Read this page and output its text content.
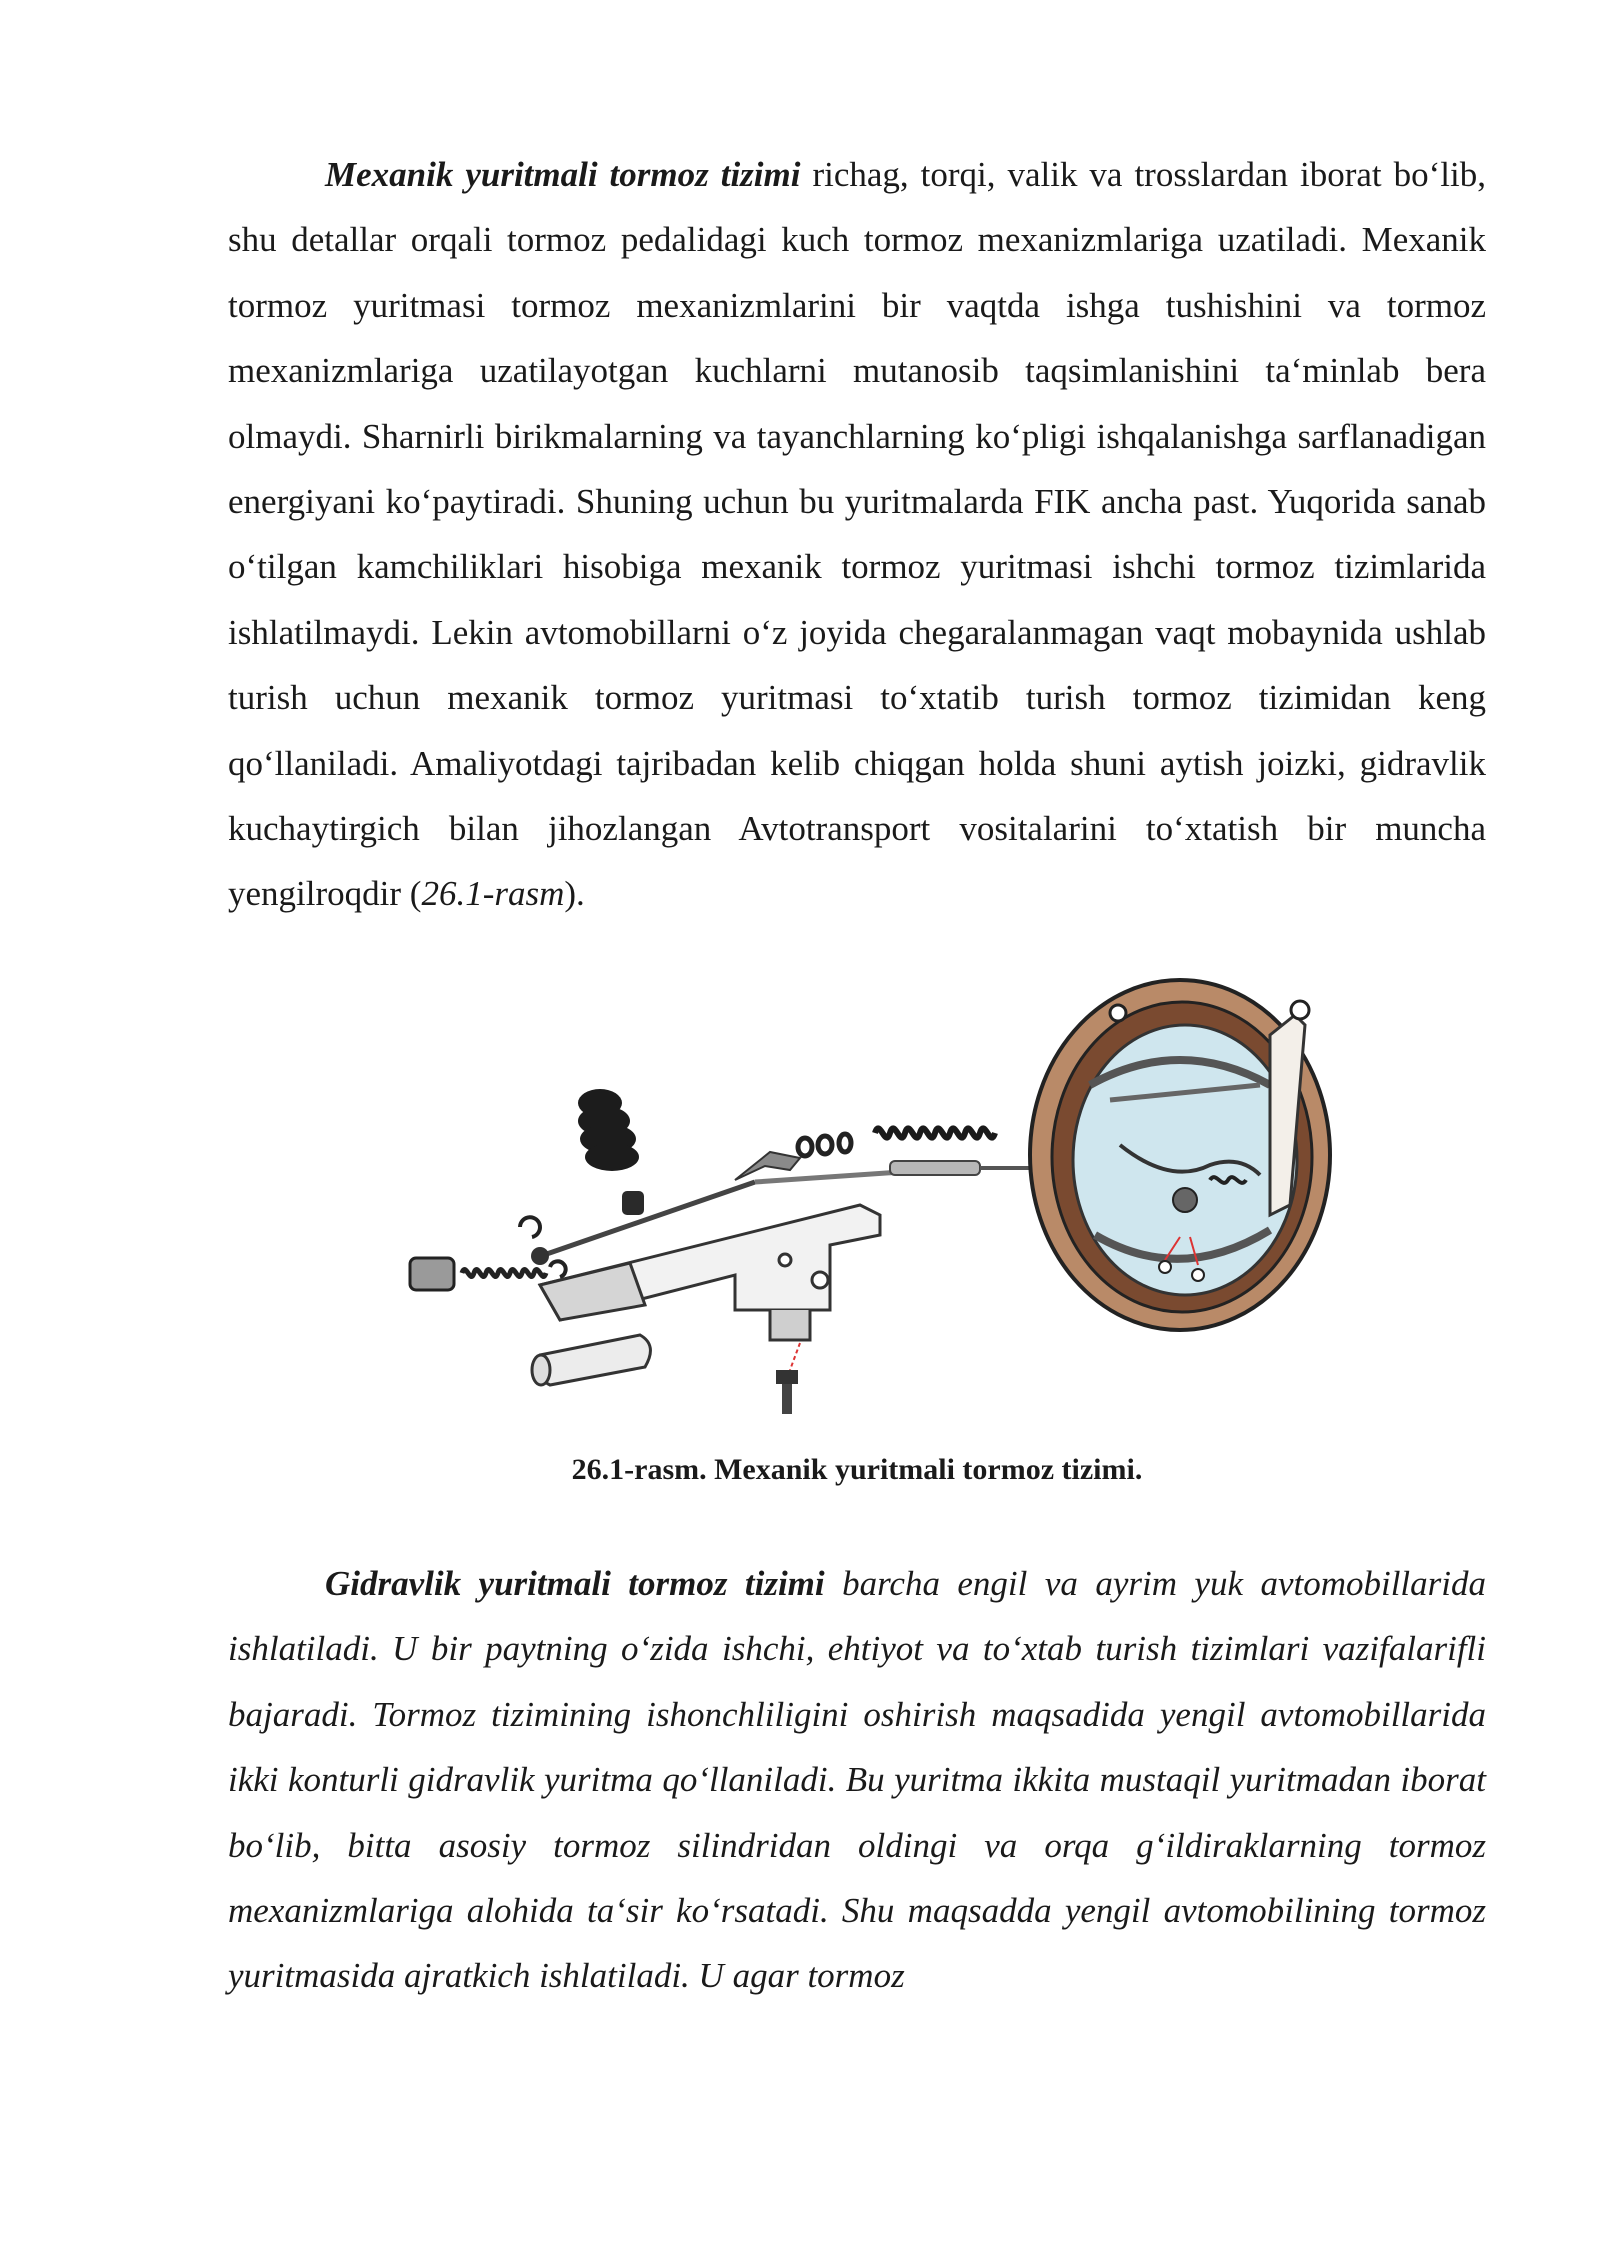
Mexanik yuritmali tormoz tizimi richag, torqi, valik va trosslardan iborat bo‘lib, shu detallar orqali tormoz pedalidagi kuch tormoz mexanizmlariga uzatiladi. Mexanik tormoz yuritmasi tormoz mexanizmlarini bir vaqtda ishga tushishini va tormoz mexanizmlariga uzatilayotgan kuchlarni mutanosib taqsimlanishini ta‘minlab bera olmaydi. Sharnirli birikmalarning va tayanchlarning ko‘pligi ishqalanishga sarflanadigan energiyani ko‘paytiradi. Shuning uchun bu yuritmalarda FIK ancha past. Yuqorida sanab o‘tilgan kamchiliklari hisobiga mexanik tormoz yuritmasi ishchi tormoz tizimlarida ishlatilmaydi. Lekin avtomobillarni o‘z joyida chegaralanmagan vaqt mobaynida ushlab turish uchun mexanik tormoz yuritmasi to‘xtatib turish tormoz tizimidan keng qo‘llaniladi. Amaliyotdagi tajribadan kelib chiqgan holda shuni aytish joizki, gidravlik kuchaytirgich bilan jihozlangan Avtotransport vositalarini to‘xtatish bir muncha yengilroqdir (26.1-rasm).

26.1-rasm. Mexanik yuritmali tormoz tizimi.

Gidravlik yuritmali tormoz tizimi barcha engil va ayrim yuk avtomobillarida ishlatiladi. U bir paytning o‘zida ishchi, ehtiyot va to‘xtab turish tizimlari vazifalarifli bajaradi. Tormoz tizimining ishonchliligini oshirish maqsadida yengil avtomobillarida ikki konturli gidravlik yuritma qo‘llaniladi. Bu yuritma ikkita mustaqil yuritmadan iborat bo‘lib, bitta asosiy tormoz silindridan oldingi va orqa g‘ildiraklarning tormoz mexanizmlariga alohida ta‘sir ko‘rsatadi. Shu maqsadda yengil avtomobilining tormoz yuritmasida ajratkich ishlatiladi. U agar tormoz
